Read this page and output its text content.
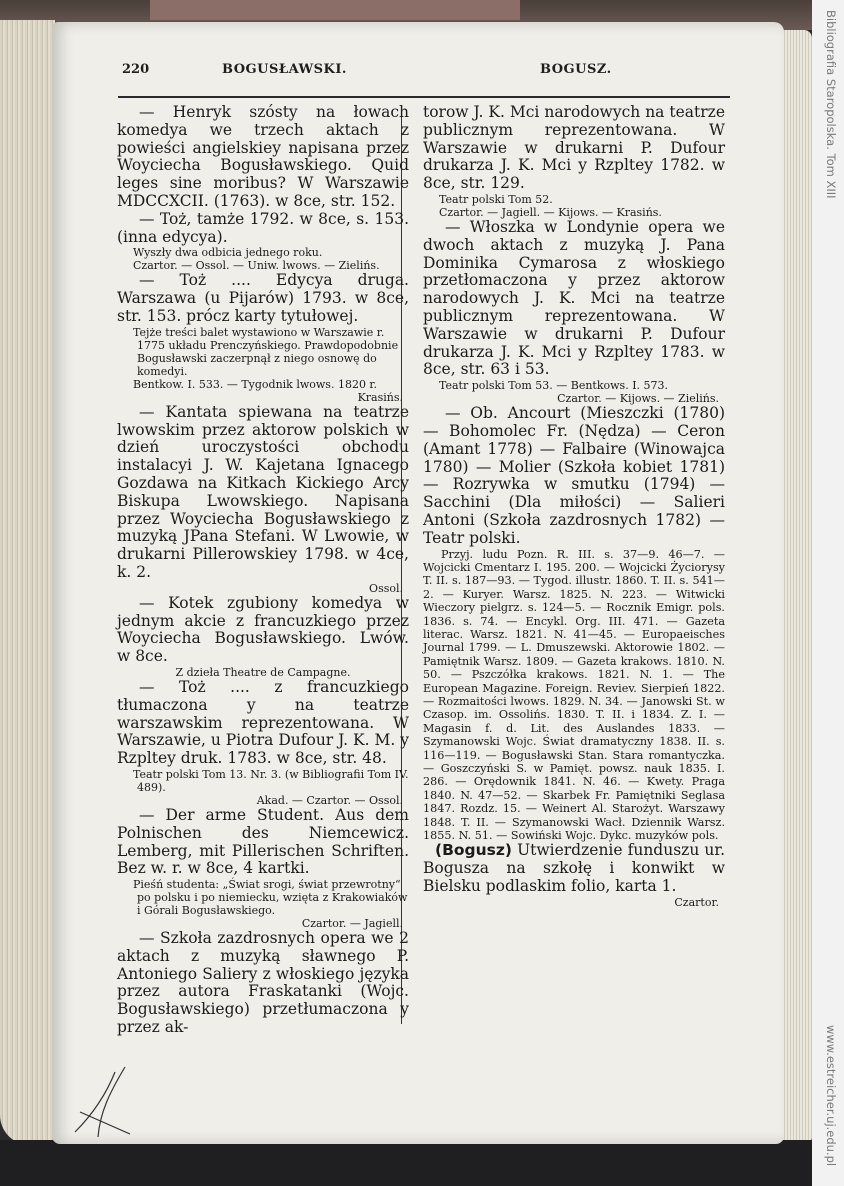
220	BOGUSŁAWSKI.	BOGUSZ.

— Henryk szósty na łowach komedya we trzech aktach z powieści angielskiey napisana przez Woyciecha Bogusławskiego. Quid leges sine moribus? W Warszawie MDCCXCII. (1763). w 8ce, str. 152.

— Toż, tamże 1792. w 8ce, s. 153. (inna edycya).

Wyszły dwa odbicia jednego roku.

Czartor. — Ossol. — Uniw. lwows. — Zielińs.

— Toż .... Edycya druga. Warszawa (u Pijarów) 1793. w 8ce, str. 153. prócz karty tytułowej.

Tejże treści balet wystawiono w Warszawie r. 1775 układu Prenczyńskiego. Prawdopodobnie Bogusławski zaczerpnął z niego osnowę do komedyi.

Bentkow. I. 533. — Tygodnik lwows. 1820 r.

Krasińs.

— Kantata spiewana na teatrze lwowskim przez aktorow polskich w dzień uroczystości obchodu instalacyi J. W. Kajetana Ignacego Gozdawa na Kitkach Kickiego Arcy Biskupa Lwowskiego. Napisana przez Woyciecha Bogusławskiego z muzyką JPana Stefani. W Lwowie, w drukarni Pillerowskiey 1798. w 4ce, k. 2.

Ossol.

— Kotek zgubiony komedya w jednym akcie z francuzkiego przez Woyciecha Bogusławskiego. Lwów. w 8ce.

Z dzieła Theatre de Campagne.

— Toż .... z francuzkiego tłumaczona y na teatrze warszawskim reprezentowana. W Warszawie, u Piotra Dufour J. K. M. y Rzpltey druk. 1783. w 8ce, str. 48.

Teatr polski Tom 13. Nr. 3. (w Bibliografii Tom IV. 489).

Akad. — Czartor. — Ossol.

— Der arme Student. Aus dem Polnischen des Niemcewicz. Lemberg, mit Pillerischen Schriften. Bez w. r. w 8ce, 4 kartki.

Pieśń studenta: „Świat srogi, świat przewrotny“ po polsku i po niemiecku, wzięta z Krakowiaków i Górali Bogusławskiego.

Czartor. — Jagiell.

— Szkoła zazdrosnych opera we 2 aktach z muzyką sławnego P. Antoniego Saliery z włoskiego języka przez autora Fraskatanki (Wojc. Bogusławskiego) przetłumaczona y przez ak-

torow J. K. Mci narodowych na teatrze publicznym reprezentowana. W Warszawie w drukarni P. Dufour drukarza J. K. Mci y Rzpltey 1782. w 8ce, str. 129.

Teatr polski Tom 52.

Czartor. — Jagiell. — Kijows. — Krasińs.

— Włoszka w Londynie opera we dwoch aktach z muzyką J. Pana Dominika Cymarosa z włoskiego przetłomaczona y przez aktorow narodowych J. K. Mci na teatrze publicznym reprezentowana. W Warszawie w drukarni P. Dufour drukarza J. K. Mci y Rzpltey 1783. w 8ce, str. 63 i 53.

Teatr polski Tom 53. — Bentkows. I. 573.

Czartor. — Kijows. — Zielińs.

— Ob. Ancourt (Mieszczki (1780) — Bohomolec Fr. (Nędza) — Ceron (Amant 1778) — Falbaire (Winowajca 1780) — Molier (Szkoła kobiet 1781) — Rozrywka w smutku (1794) — Sacchini (Dla miłości) — Salieri Antoni (Szkoła zazdrosnych 1782) — Teatr polski.

Przyj. ludu Pozn. R. III. s. 37—9. 46—7. — Wojcicki Cmentarz I. 195. 200. — Wojcicki Życiorysy T. II. s. 187—93. — Tygod. illustr. 1860. T. II. s. 541—2. — Kuryer. Warsz. 1825. N. 223. — Witwicki Wieczory pielgrz. s. 124—5. — Rocznik Emigr. pols. 1836. s. 74. — Encykl. Org. III. 471. — Gazeta literac. Warsz. 1821. N. 41—45. — Europaeisches Journal 1799. — L. Dmuszewski. Aktorowie 1802. — Pamiętnik Warsz. 1809. — Gazeta krakows. 1810. N. 50. — Pszczółka krakows. 1821. N. 1. — The European Magazine. Foreign. Reviev. Sierpień 1822. — Rozmaitości lwows. 1829. N. 34. — Janowski St. w Czasop. im. Ossolińs. 1830. T. II. i 1834. Z. I. — Magasin f. d. Lit. des Auslandes 1833. — Szymanowski Wojc. Świat dramatyczny 1838. II. s. 116—119. — Bogusławski Stan. Stara romantyczka. — Goszczyński S. w Pamięt. powsz. nauk 1835. I. 286. — Orędownik 1841. N. 46. — Kwety. Praga 1840. N. 47—52. — Skarbek Fr. Pamiętniki Seglasa 1847. Rozdz. 15. — Weinert Al. Starożyt. Warszawy 1848. T. II. — Szymanowski Wacł. Dziennik Warsz. 1855. N. 51. — Sowiński Wojc. Dykc. muzyków pols.

(Bogusz) Utwierdzenie funduszu ur. Bogusza na szkołę i konwikt w Bielsku podlaskim folio, karta 1.

Czartor.

Bibliografia Staropolska. Tom XIII
www.estreicher.uj.edu.pl
